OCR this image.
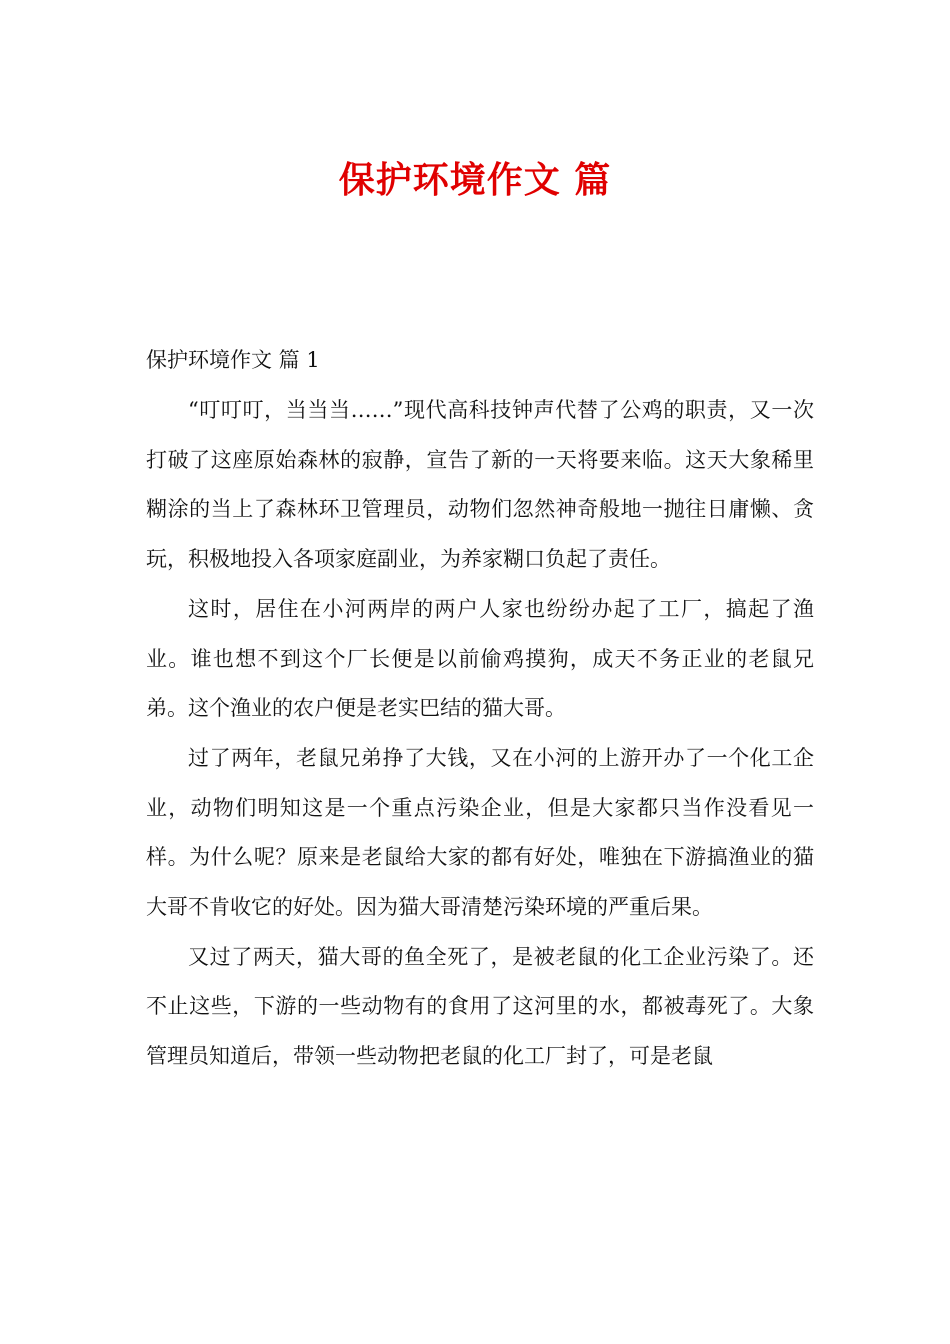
保护环境作文 篇
保护环境作文 篇 1

“叮叮叮，当当当……”现代高科技钟声代替了公鸡的职责，又一次打破了这座原始森林的寂静，宣告了新的一天将要来临。这天大象稀里糊涂的当上了森林环卫管理员，动物们忽然神奇般地一抛往日庸懒、贪玩，积极地投入各项家庭副业，为养家糊口负起了责任。

这时，居住在小河两岸的两户人家也纷纷办起了工厂，搞起了渔业。谁也想不到这个厂长便是以前偷鸡摸狗，成天不务正业的老鼠兄弟。这个渔业的农户便是老实巴结的猫大哥。

过了两年，老鼠兄弟挣了大钱，又在小河的上游开办了一个化工企业，动物们明知这是一个重点污染企业，但是大家都只当作没看见一样。为什么呢？原来是老鼠给大家的都有好处，唯独在下游搞渔业的猫大哥不肯收它的好处。因为猫大哥清楚污染环境的严重后果。

又过了两天，猫大哥的鱼全死了，是被老鼠的化工企业污染了。还不止这些，下游的一些动物有的食用了这河里的水，都被毒死了。大象管理员知道后，带领一些动物把老鼠的化工厂封了，可是老鼠
